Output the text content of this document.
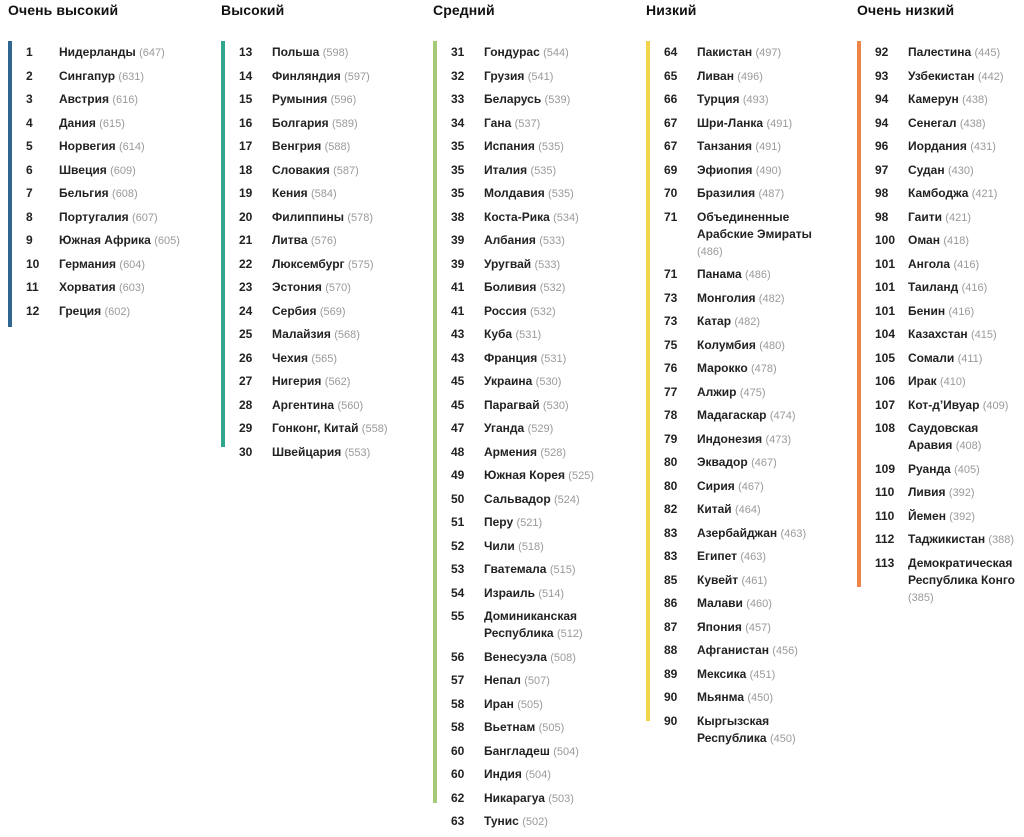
Очень высокий
1 Нидерланды (647)
2 Сингапур (631)
3 Австрия (616)
4 Дания (615)
5 Норвегия (614)
6 Швеция (609)
7 Бельгия (608)
8 Португалия (607)
9 Южная Африка (605)
10 Германия (604)
11 Хорватия (603)
12 Греция (602)
Высокий
13 Польша (598)
14 Финляндия (597)
15 Румыния (596)
16 Болгария (589)
17 Венгрия (588)
18 Словакия (587)
19 Кения (584)
20 Филиппины (578)
21 Литва (576)
22 Люксембург (575)
23 Эстония (570)
24 Сербия (569)
25 Малайзия (568)
26 Чехия (565)
27 Нигерия (562)
28 Аргентина (560)
29 Гонконг, Китай (558)
30 Швейцария (553)
Средний
31 Гондурас (544)
32 Грузия (541)
33 Беларусь (539)
34 Гана (537)
35 Испания (535)
35 Италия (535)
35 Молдавия (535)
38 Коста-Рика (534)
39 Албания (533)
39 Уругвай (533)
41 Боливия (532)
41 Россия (532)
43 Куба (531)
43 Франция (531)
45 Украина (530)
45 Парагвай (530)
47 Уганда (529)
48 Армения (528)
49 Южная Корея (525)
50 Сальвадор (524)
51 Перу (521)
52 Чили (518)
53 Гватемала (515)
54 Израиль (514)
55 Доминиканская Республика (512)
56 Венесуэла (508)
57 Непал (507)
58 Иран (505)
58 Вьетнам (505)
60 Бангладеш (504)
60 Индия (504)
62 Никарагуа (503)
63 Тунис (502)
Низкий
64 Пакистан (497)
65 Ливан (496)
66 Турция (493)
67 Шри-Ланка (491)
67 Танзания (491)
69 Эфиопия (490)
70 Бразилия (487)
71 Объединенные Арабские Эмираты (486)
71 Панама (486)
73 Монголия (482)
73 Катар (482)
75 Колумбия (480)
76 Марокко (478)
77 Алжир (475)
78 Мадагаскар (474)
79 Индонезия (473)
80 Эквадор (467)
80 Сирия (467)
82 Китай (464)
83 Азербайджан (463)
83 Египет (463)
85 Кувейт (461)
86 Малави (460)
87 Япония (457)
88 Афганистан (456)
89 Мексика (451)
90 Мьянма (450)
90 Кыргызская Республика (450)
Очень низкий
92 Палестина (445)
93 Узбекистан (442)
94 Камерун (438)
94 Сенегал (438)
96 Иордания (431)
97 Судан (430)
98 Камбоджа (421)
98 Гаити (421)
100 Оман (418)
101 Ангола (416)
101 Таиланд (416)
101 Бенин (416)
104 Казахстан (415)
105 Сомали (411)
106 Ирак (410)
107 Кот-д’Ивуар (409)
108 Саудовская Аравия (408)
109 Руанда (405)
110 Ливия (392)
110 Йемен (392)
112 Таджикистан (388)
113 Демократическая Республика Конго (385)
